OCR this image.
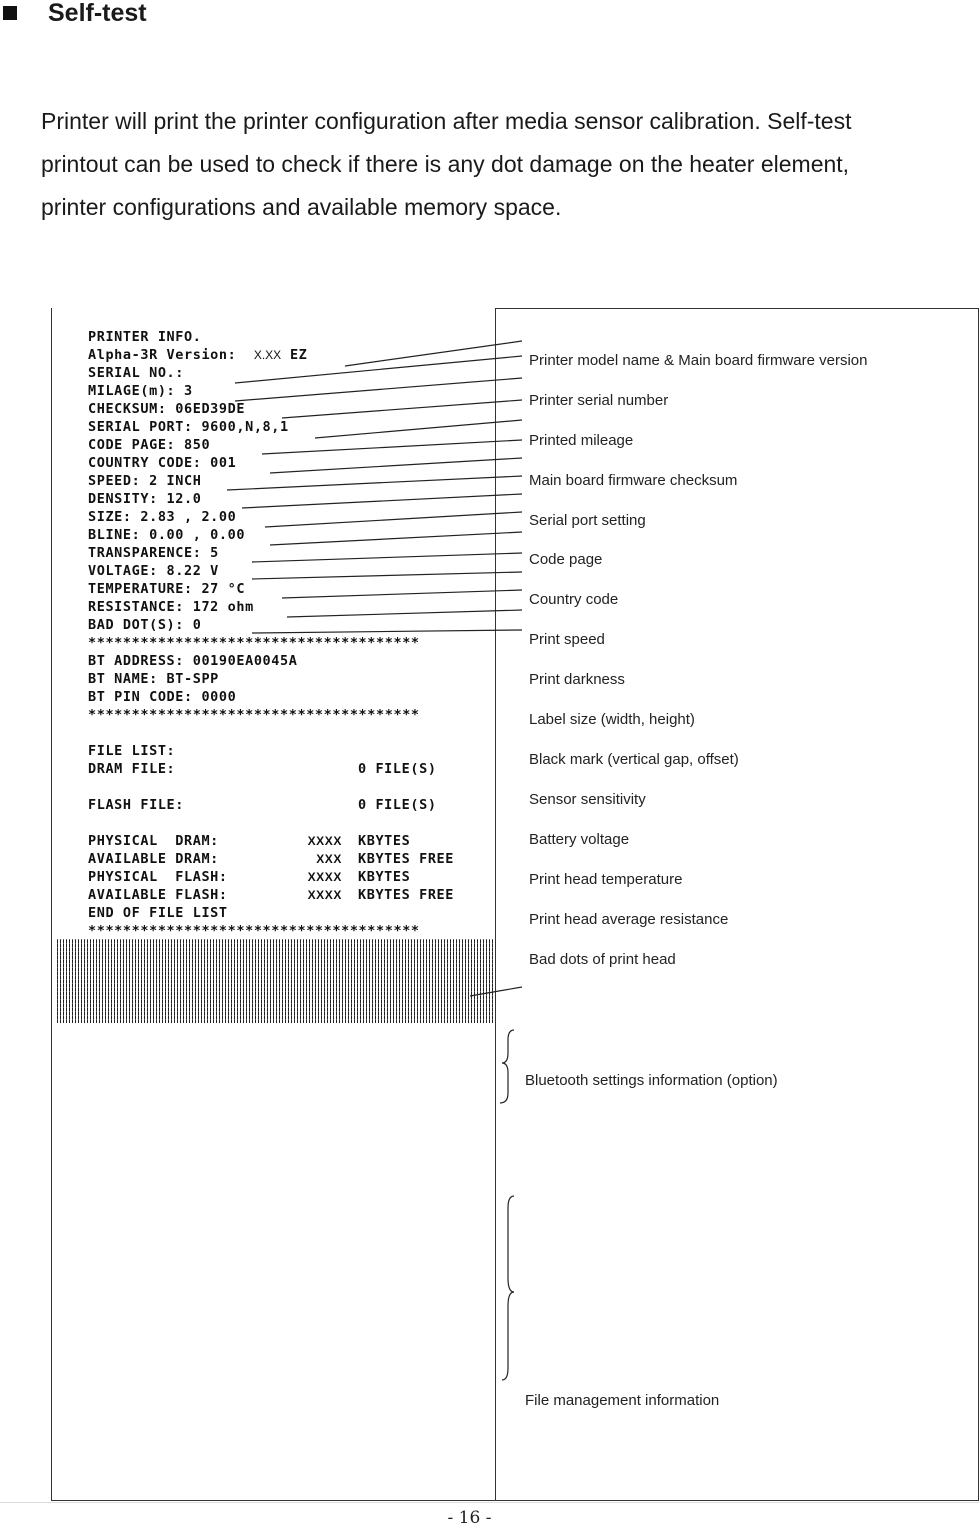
Self-test

Printer will print the printer configuration after media sensor calibration. Self-test

printout can be used to check if there is any dot damage on the heater element,

printer configurations and available memory space.

PRINTER INFO.
Alpha-3R Version: X.XX EZ
SERIAL NO.:
MILAGE(m): 3
CHECKSUM: 06ED39DE
SERIAL PORT: 9600,N,8,1
CODE PAGE: 850
COUNTRY CODE: 001
SPEED: 2 INCH
DENSITY: 12.0
SIZE: 2.83 , 2.00
BLINE: 0.00 , 0.00
TRANSPARENCE: 5
VOLTAGE: 8.22 V
TEMPERATURE: 27 °C
RESISTANCE: 172 ohm
BAD DOT(S): 0
**************************************
BT ADDRESS: 00190EA0045A
BT NAME: BT-SPP
BT PIN CODE: 0000
**************************************
FILE LIST:
DRAM FILE:	0 FILE(S)
FLASH FILE:	0 FILE(S)
PHYSICAL  DRAM:	XXXX KBYTES
AVAILABLE DRAM:	XXX KBYTES FREE
PHYSICAL  FLASH:	XXXX KBYTES
AVAILABLE FLASH:	XXXX KBYTES FREE
END OF FILE LIST
**************************************
Printer model name & Main board firmware version
Printer serial number
Printed mileage
Main board firmware checksum
Serial port setting
Code page
Country code
Print speed
Print darkness
Label size (width, height)
Black mark (vertical gap, offset)
Sensor sensitivity
Battery voltage
Print head temperature
Print head average resistance
Bad dots of print head
Bluetooth settings information (option)
File management information
- 16 -
